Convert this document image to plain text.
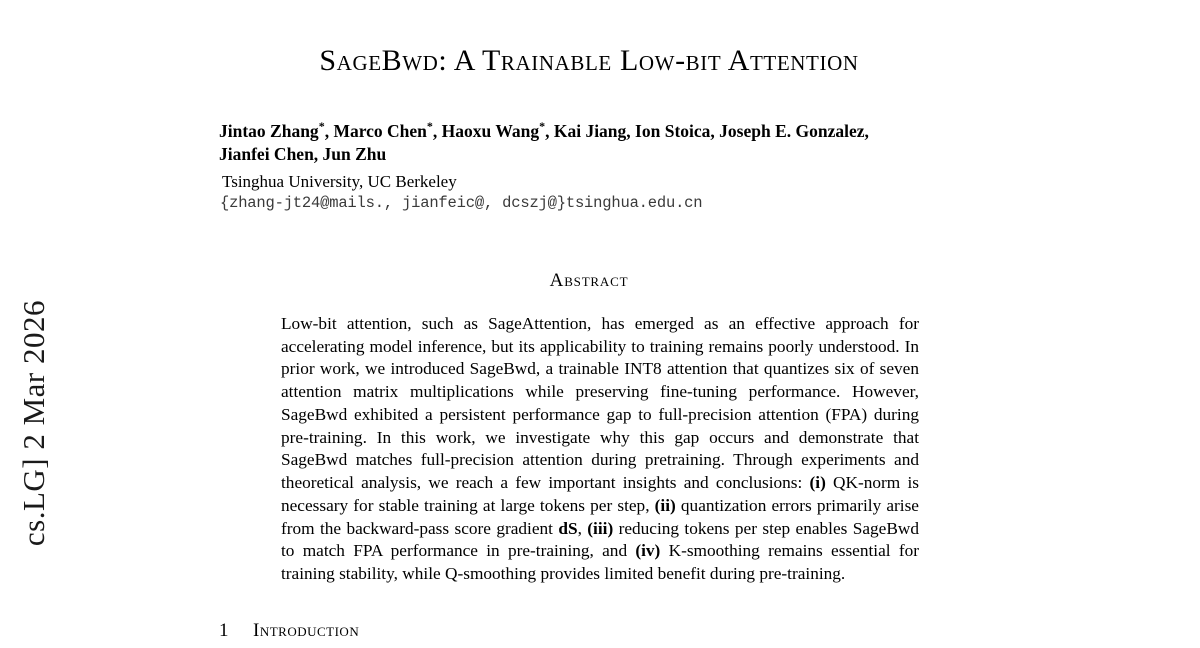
cs.LG] 2 Mar 2026
SageBwd: A Trainable Low-bit Attention
Jintao Zhang*, Marco Chen*, Haoxu Wang*, Kai Jiang, Ion Stoica, Joseph E. Gonzalez,
Jianfei Chen, Jun Zhu
Tsinghua University, UC Berkeley
{zhang-jt24@mails., jianfeic@, dcszj@}tsinghua.edu.cn
Abstract
Low-bit attention, such as SageAttention, has emerged as an effective approach for accelerating model inference, but its applicability to training remains poorly understood. In prior work, we introduced SageBwd, a trainable INT8 attention that quantizes six of seven attention matrix multiplications while preserving fine-tuning performance. However, SageBwd exhibited a persistent performance gap to full-precision attention (FPA) during pre-training. In this work, we investigate why this gap occurs and demonstrate that SageBwd matches full-precision attention during pretraining. Through experiments and theoretical analysis, we reach a few important insights and conclusions: (i) QK-norm is necessary for stable training at large tokens per step, (ii) quantization errors primarily arise from the backward-pass score gradient dS, (iii) reducing tokens per step enables SageBwd to match FPA performance in pre-training, and (iv) K-smoothing remains essential for training stability, while Q-smoothing provides limited benefit during pre-training.
1 Introduction
